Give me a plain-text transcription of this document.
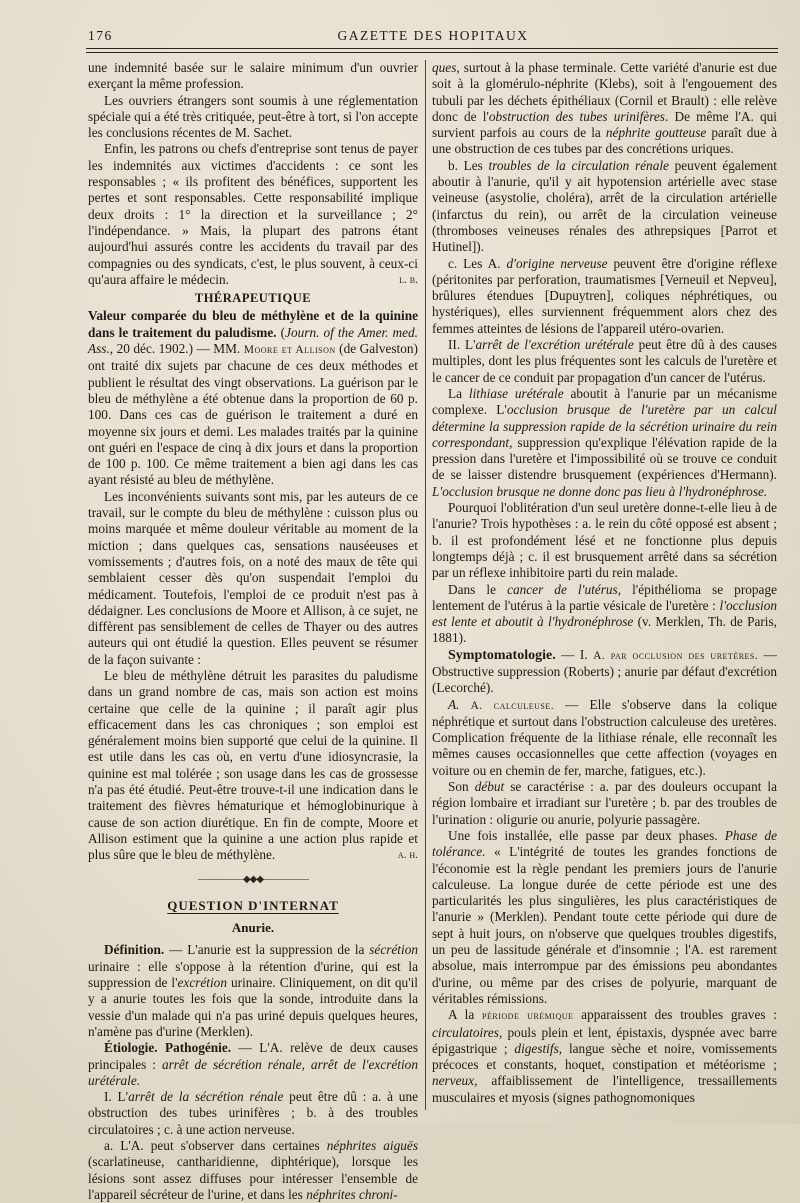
176	GAZETTE DES HOPITAUX

une indemnité basée sur le salaire minimum d'un ouvrier exerçant la même profession.

Les ouvriers étrangers sont soumis à une réglementation spéciale qui a été très critiquée, peut-être à tort, si l'on accepte les conclusions récentes de M. Sachet.

Enfin, les patrons ou chefs d'entreprise sont tenus de payer les indemnités aux victimes d'accidents : ce sont les responsables ; « ils profitent des bénéfices, supportent les pertes et sont responsables. Cette responsabilité implique deux droits : 1° la direction et la surveillance ; 2° l'indépendance. » Mais, la plupart des patrons étant aujourd'hui assurés contre les accidents du travail par des compagnies ou des syndicats, c'est, le plus souvent, à ceux-ci qu'aura affaire le médecin.	l. b.

THÉRAPEUTIQUE

Valeur comparée du bleu de méthylène et de la quinine dans le traitement du paludisme. (Journ. of the Amer. med. Ass., 20 déc. 1902.) — MM. Moore et Allison (de Galveston) ont traité dix sujets par chacune de ces deux méthodes et publient le résultat des vingt observations. La guérison par le bleu de méthylène a été obtenue dans la proportion de 60 p. 100. Dans ces cas de guérison le traitement a duré en moyenne six jours et demi. Les malades traités par la quinine ont guéri en l'espace de cinq à dix jours et dans la proportion de 100 p. 100. Ce même traitement a bien agi dans les cas ayant résisté au bleu de méthylène.

Les inconvénients suivants sont mis, par les auteurs de ce travail, sur le compte du bleu de méthylène : cuisson plus ou moins marquée et même douleur véritable au moment de la miction ; dans quelques cas, sensations nauséeuses et vomissements ; d'autres fois, on a noté des maux de tête qui semblaient cesser dès qu'on suspendait l'emploi du médicament. Toutefois, l'emploi de ce produit n'est pas à dédaigner. Les conclusions de Moore et Allison, à ce sujet, ne diffèrent pas sensiblement de celles de Thayer ou des autres auteurs qui ont étudié la question. Elles peuvent se résumer de la façon suivante :

Le bleu de méthylène détruit les parasites du paludisme dans un grand nombre de cas, mais son action est moins certaine que celle de la quinine ; il paraît agir plus efficacement dans les cas chroniques ; son emploi est généralement moins bien supporté que celui de la quinine. Il est utile dans les cas où, en vertu d'une idiosyncrasie, la quinine est mal tolérée ; son usage dans les cas de grossesse n'a pas été étudié. Peut-être trouve-t-il une indication dans le traitement des fièvres hématurique et hémoglobinurique à cause de son action diurétique. En fin de compte, Moore et Allison estiment que la quinine a une action plus rapide et plus sûre que le bleu de méthylène.	a. h.

—————◆◆◆—————
QUESTION D'INTERNAT
Anurie.

Définition. — L'anurie est la suppression de la sécrétion urinaire : elle s'oppose à la rétention d'urine, qui est la suppression de l'excrétion urinaire. Cliniquement, on dit qu'il y a anurie toutes les fois que la sonde, introduite dans la vessie d'un malade qui n'a pas uriné depuis quelques heures, n'amène pas d'urine (Merklen).

Étiologie. Pathogénie. — L'A. relève de deux causes principales : arrêt de sécrétion rénale, arrêt de l'excrétion urétérale.

I. L'arrêt de la sécrétion rénale peut être dû : a. à une obstruction des tubes urinifères ; b. à des troubles circulatoires ; c. à une action nerveuse.

a. L'A. peut s'observer dans certaines néphrites aiguës (scarlatineuse, cantharidienne, diphtérique), lorsque les lésions sont assez diffuses pour intéresser l'ensemble de l'appareil sécréteur de l'urine, et dans les néphrites chroni-

ques, surtout à la phase terminale. Cette variété d'anurie est due soit à la glomérulo-néphrite (Klebs), soit à l'engouement des tubuli par les déchets épithéliaux (Cornil et Brault) : elle relève donc de l'obstruction des tubes urinifères. De même l'A. qui survient parfois au cours de la néphrite goutteuse paraît due à une obstruction de ces tubes par des concrétions uriques.

b. Les troubles de la circulation rénale peuvent également aboutir à l'anurie, qu'il y ait hypotension artérielle avec stase veineuse (asystolie, choléra), arrêt de la circulation artérielle (infarctus du rein), ou arrêt de la circulation veineuse (thromboses veineuses rénales des athrepsiques [Parrot et Hutinel]).

c. Les A. d'origine nerveuse peuvent être d'origine réflexe (péritonites par perforation, traumatismes [Verneuil et Nepveu], brûlures étendues [Dupuytren], coliques néphrétiques, ou hystériques), elles surviennent fréquemment alors chez des femmes atteintes de lésions de l'appareil utéro-ovarien.

II. L'arrêt de l'excrétion urétérale peut être dû à des causes multiples, dont les plus fréquentes sont les calculs de l'uretère et le cancer de ce conduit par propagation d'un cancer de l'utérus.

La lithiase urétérale aboutit à l'anurie par un mécanisme complexe. L'occlusion brusque de l'uretère par un calcul détermine la suppression rapide de la sécrétion urinaire du rein correspondant, suppression qu'explique l'élévation rapide de la pression dans l'uretère et l'impossibilité où se trouve ce conduit de se laisser distendre brusquement (expériences d'Hermann). L'occlusion brusque ne donne donc pas lieu à l'hydronéphrose.

Pourquoi l'oblitération d'un seul uretère donne-t-elle lieu à de l'anurie? Trois hypothèses : a. le rein du côté opposé est absent ; b. il est profondément lésé et ne fonctionne plus depuis longtemps déjà ; c. il est brusquement arrêté dans sa sécrétion par un réflexe inhibitoire parti du rein malade.

Dans le cancer de l'utérus, l'épithélioma se propage lentement de l'utérus à la partie vésicale de l'uretère : l'occlusion est lente et aboutit à l'hydronéphrose (v. Merklen, Th. de Paris, 1881).

Symptomatologie. — I. A. par occlusion des uretères. — Obstructive suppression (Roberts) ; anurie par défaut d'excrétion (Lecorché).

A. A. calculeuse. — Elle s'observe dans la colique néphrétique et surtout dans l'obstruction calculeuse des uretères. Complication fréquente de la lithiase rénale, elle reconnaît les mêmes causes occasionnelles que cette affection (voyages en voiture ou en chemin de fer, marche, fatigues, etc.).

Son début se caractérise : a. par des douleurs occupant la région lombaire et irradiant sur l'uretère ; b. par des troubles de l'urination : oligurie ou anurie, polyurie passagère.

Une fois installée, elle passe par deux phases. Phase de tolérance. « L'intégrité de toutes les grandes fonctions de l'économie est la règle pendant les premiers jours de l'anurie calculeuse. La longue durée de cette période est une des particularités les plus singulières, les plus caractéristiques de l'anurie » (Merklen). Pendant toute cette période qui dure de sept à huit jours, on n'observe que quelques troubles digestifs, un peu de lassitude générale et d'insomnie ; l'A. est rarement absolue, mais interrompue par des émissions peu abondantes d'urine, ou même par des crises de polyurie, marquant de véritables rémissions.

A la période urémique apparaissent des troubles graves : circulatoires, pouls plein et lent, épistaxis, dyspnée avec barre épigastrique ; digestifs, langue sèche et noire, vomissements précoces et constants, hoquet, constipation et météorisme ; nerveux, affaiblissement de l'intelligence, tressaillements musculaires et myosis (signes pathognomoniques
